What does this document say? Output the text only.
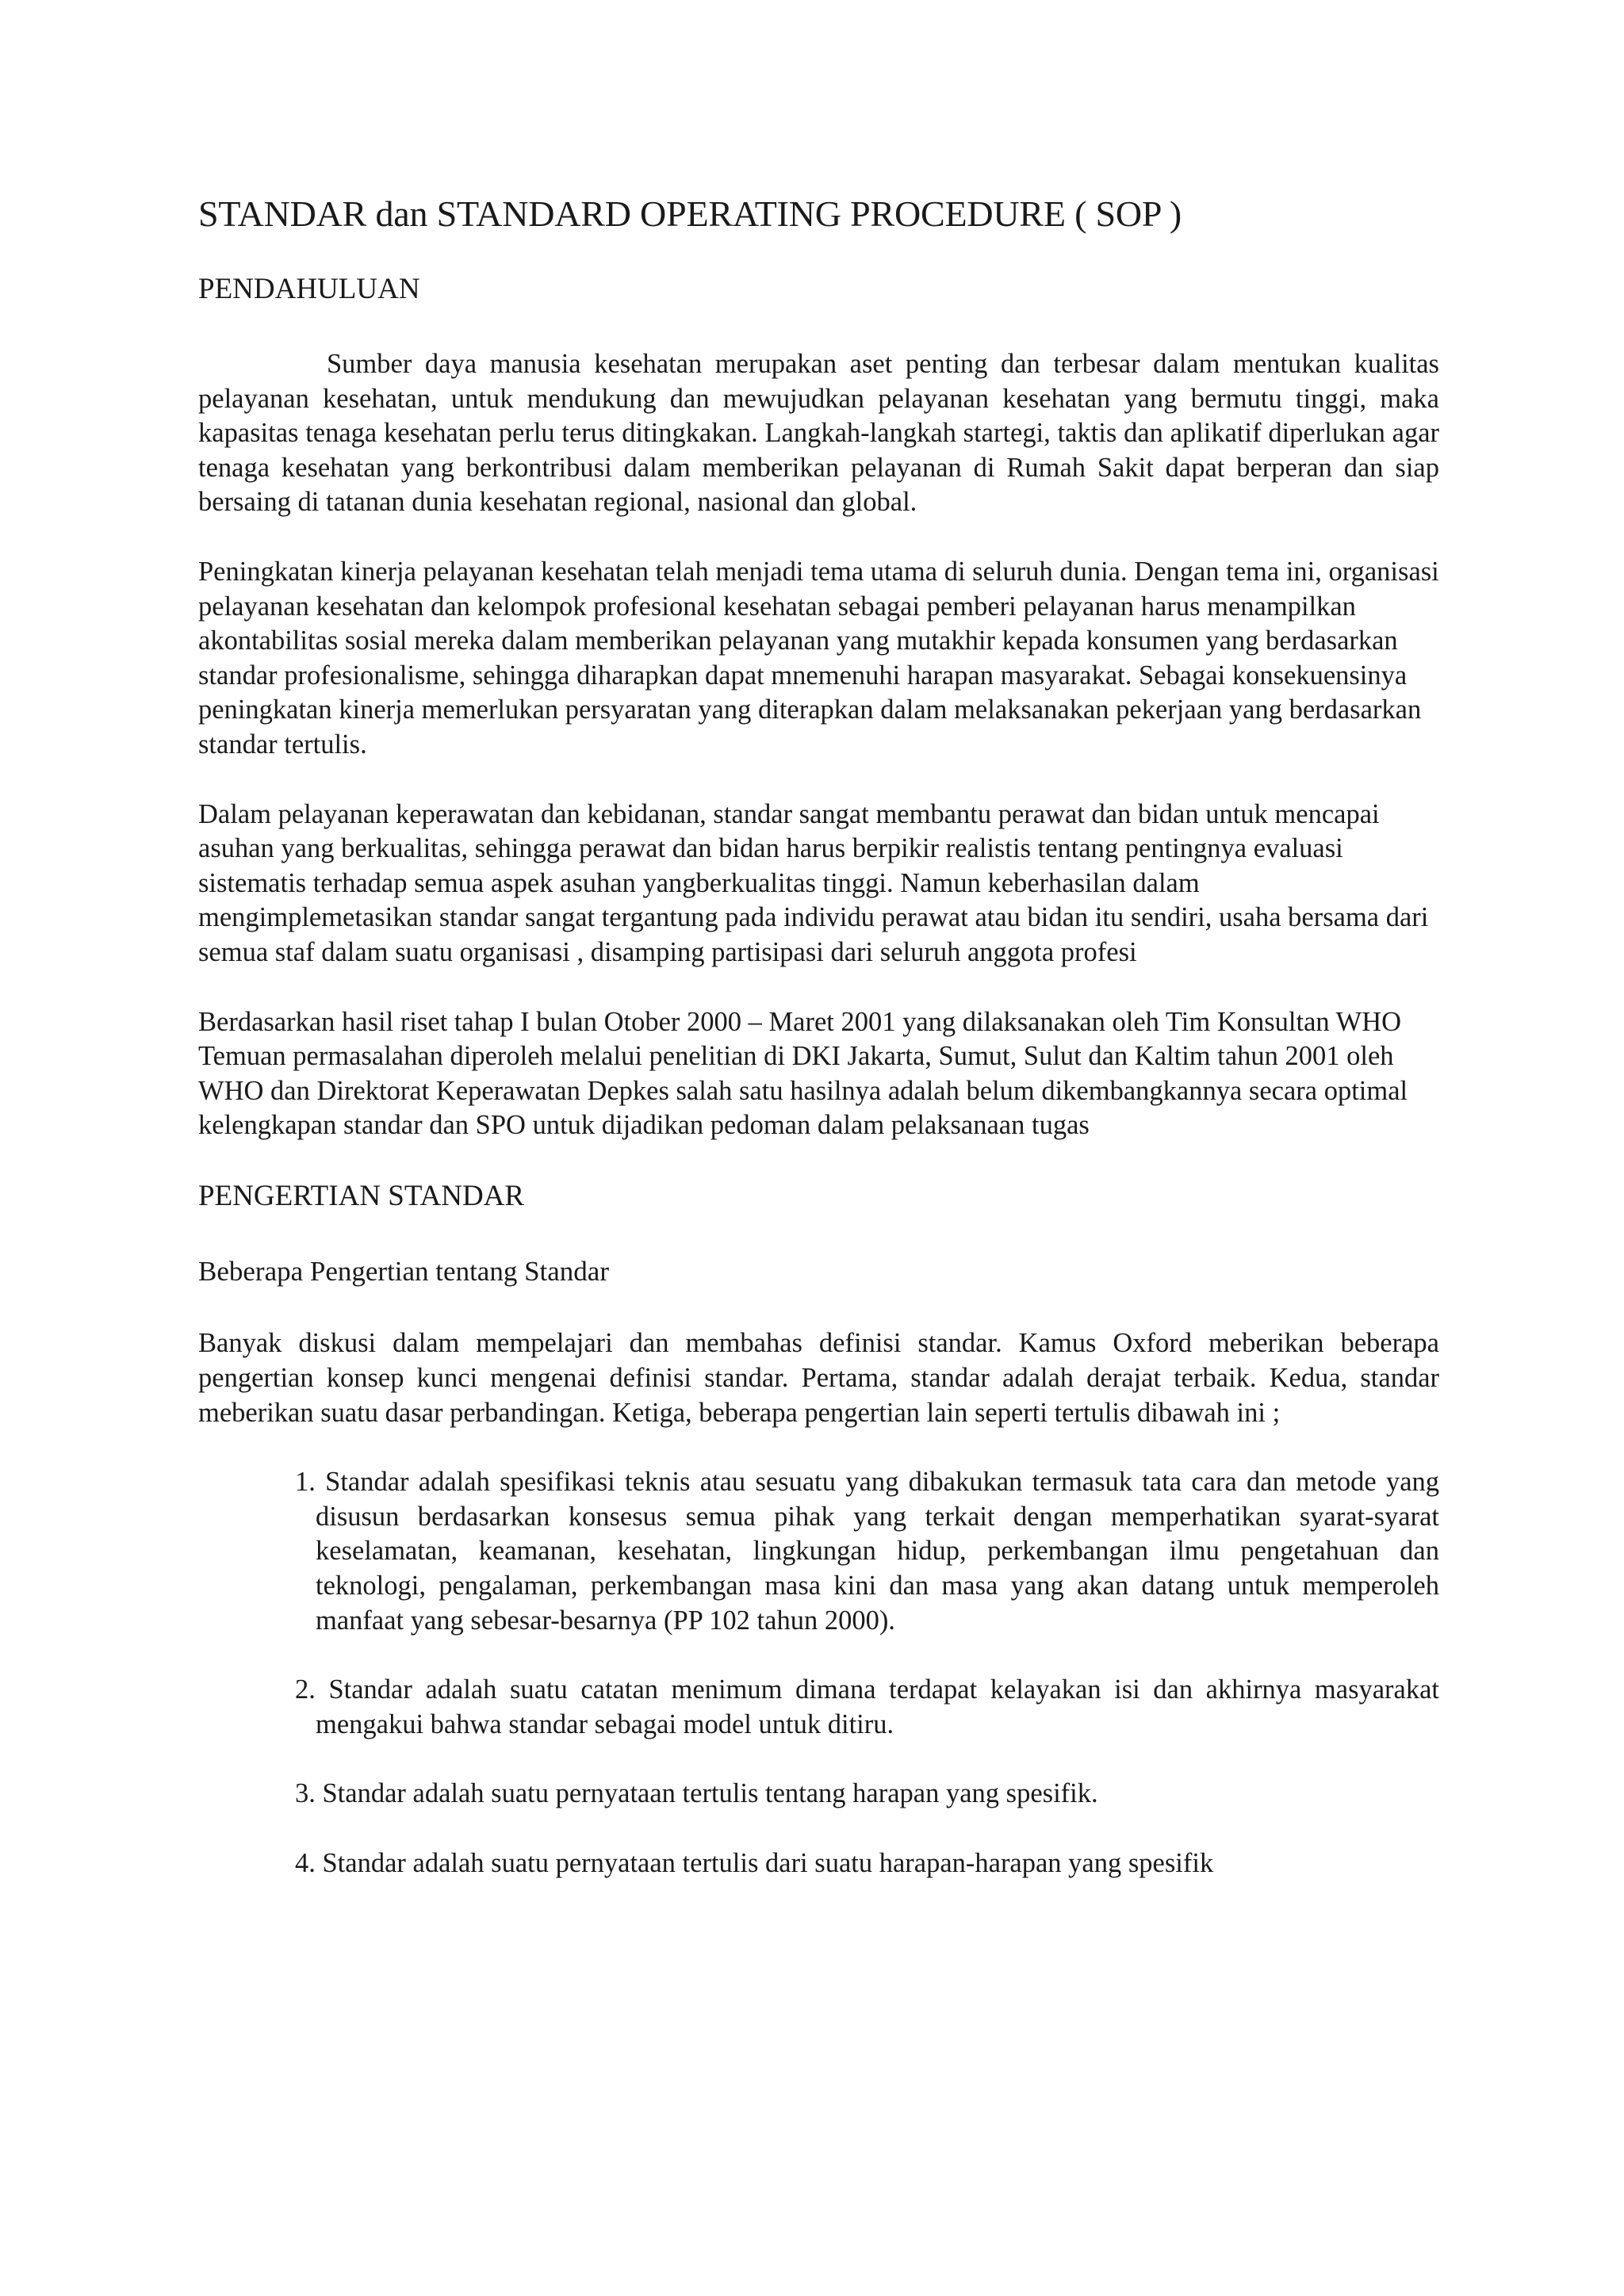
STANDAR dan STANDARD OPERATING PROCEDURE ( SOP )
PENDAHULUAN

Sumber daya manusia kesehatan merupakan aset penting dan terbesar dalam mentukan kualitas pelayanan kesehatan, untuk mendukung dan mewujudkan pelayanan kesehatan yang bermutu tinggi, maka kapasitas tenaga kesehatan perlu terus ditingkakan. Langkah-langkah startegi, taktis dan aplikatif diperlukan agar tenaga kesehatan yang berkontribusi dalam memberikan pelayanan di Rumah Sakit dapat berperan dan siap bersaing di tatanan dunia kesehatan regional, nasional dan global.

Peningkatan kinerja pelayanan kesehatan telah menjadi tema utama di seluruh dunia. Dengan tema ini, organisasi pelayanan kesehatan dan kelompok profesional kesehatan sebagai pemberi pelayanan harus menampilkan akontabilitas sosial mereka dalam memberikan pelayanan yang mutakhir kepada konsumen yang berdasarkan standar profesionalisme, sehingga diharapkan dapat mnemenuhi harapan masyarakat. Sebagai konsekuensinya peningkatan kinerja memerlukan persyaratan yang diterapkan dalam melaksanakan pekerjaan yang berdasarkan standar tertulis.

Dalam pelayanan keperawatan dan kebidanan, standar sangat membantu perawat dan bidan untuk mencapai asuhan yang berkualitas, sehingga perawat dan bidan harus berpikir realistis tentang pentingnya evaluasi sistematis terhadap semua aspek asuhan yangberkualitas tinggi. Namun keberhasilan dalam mengimplemetasikan standar sangat tergantung pada individu perawat atau bidan itu sendiri, usaha bersama dari semua staf dalam suatu organisasi , disamping partisipasi dari seluruh anggota profesi

Berdasarkan hasil riset tahap I bulan Otober 2000 – Maret 2001 yang dilaksanakan oleh Tim Konsultan WHO Temuan permasalahan diperoleh melalui penelitian di DKI Jakarta, Sumut, Sulut dan Kaltim tahun 2001 oleh WHO dan Direktorat Keperawatan Depkes salah satu hasilnya adalah belum dikembangkannya secara optimal kelengkapan standar dan SPO untuk dijadikan pedoman dalam pelaksanaan tugas

PENGERTIAN STANDAR

Beberapa Pengertian tentang Standar

Banyak diskusi dalam mempelajari dan membahas definisi standar. Kamus Oxford meberikan beberapa pengertian konsep kunci mengenai definisi standar. Pertama, standar adalah derajat terbaik. Kedua, standar meberikan suatu dasar perbandingan. Ketiga, beberapa pengertian lain seperti tertulis dibawah ini ;

1. Standar adalah spesifikasi teknis atau sesuatu yang dibakukan termasuk tata cara dan metode yang disusun berdasarkan konsesus semua pihak yang terkait dengan memperhatikan syarat-syarat keselamatan, keamanan, kesehatan, lingkungan hidup, perkembangan ilmu pengetahuan dan teknologi, pengalaman, perkembangan masa kini dan masa yang akan datang untuk memperoleh manfaat yang sebesar-besarnya (PP 102 tahun 2000).
2. Standar adalah suatu catatan menimum dimana terdapat kelayakan isi dan akhirnya masyarakat mengakui bahwa standar sebagai model untuk ditiru.
3. Standar adalah suatu pernyataan tertulis tentang harapan yang spesifik.
4. Standar adalah suatu pernyataan tertulis dari suatu harapan-harapan yang spesifik
